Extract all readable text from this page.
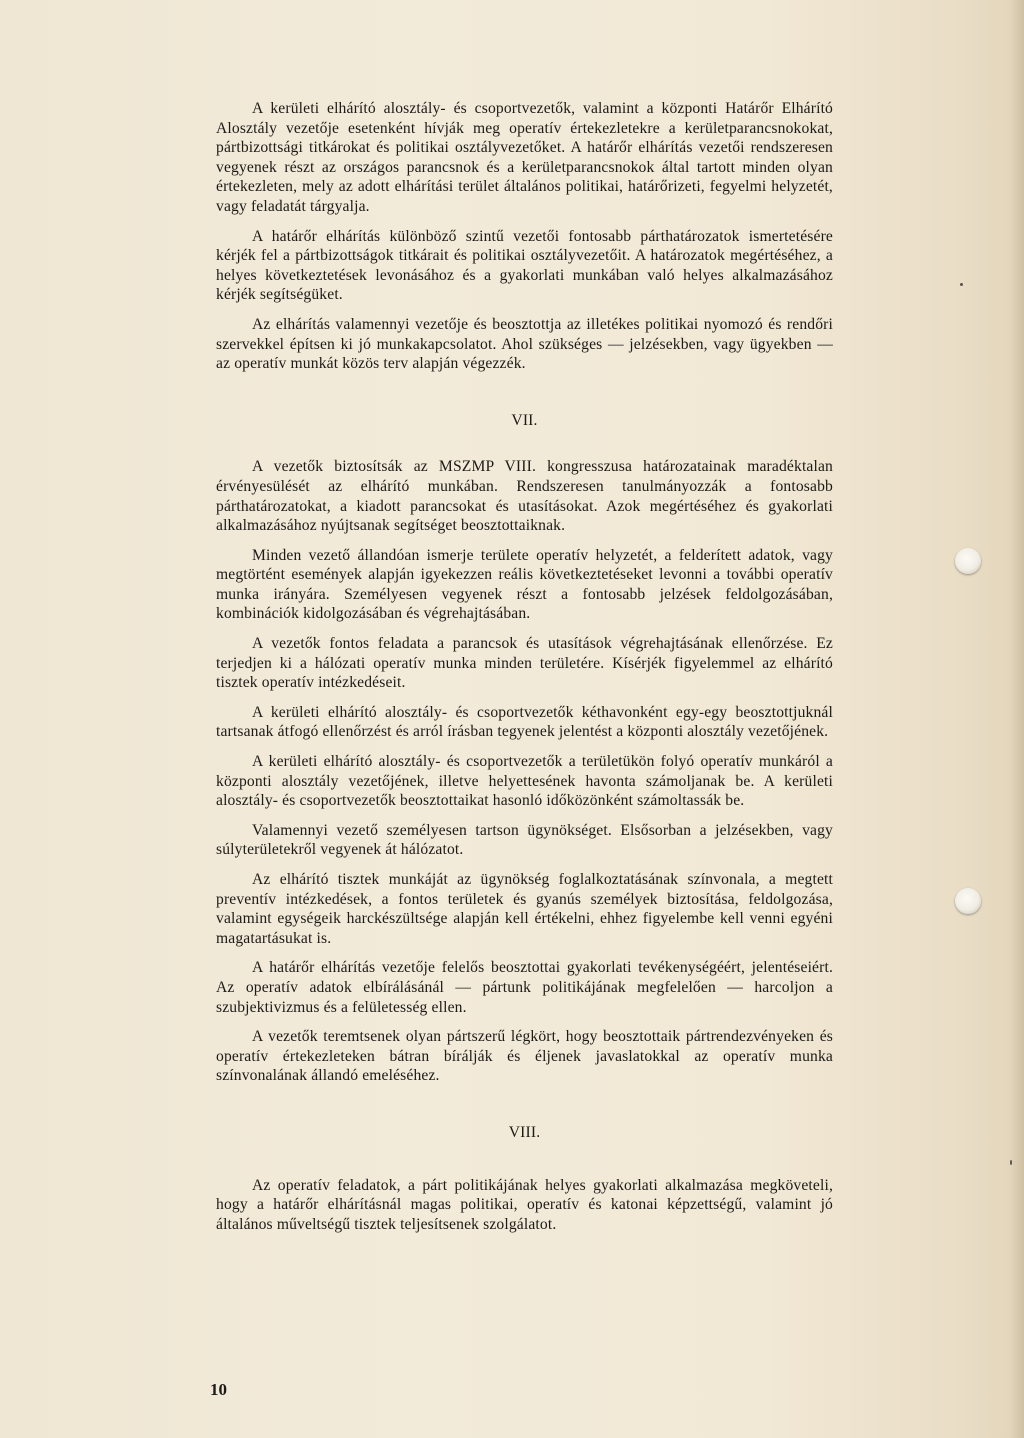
A kerületi elhárító alosztály- és csoportvezetők, valamint a központi Határőr Elhárító Alosztály vezetője esetenként hívják meg operatív értekezletekre a kerületparancsnokokat, pártbizottsági titkárokat és politikai osztályvezetőket. A határőr elhárítás vezetői rendszeresen vegyenek részt az országos parancsnok és a kerületparancsnokok által tartott minden olyan értekezleten, mely az adott elhárítási terület általános politikai, határőrizeti, fegyelmi helyzetét, vagy feladatát tárgyalja.

A határőr elhárítás különböző szintű vezetői fontosabb párthatározatok ismertetésére kérjék fel a pártbizottságok titkárait és politikai osztályvezetőit. A határozatok megértéséhez, a helyes következtetések levonásához és a gyakorlati munkában való helyes alkalmazásához kérjék segítségüket.

Az elhárítás valamennyi vezetője és beosztottja az illetékes politikai nyomozó és rendőri szervekkel építsen ki jó munkakapcsolatot. Ahol szükséges — jelzésekben, vagy ügyekben — az operatív munkát közös terv alapján végezzék.

VII.

A vezetők biztosítsák az MSZMP VIII. kongresszusa határozatainak maradéktalan érvényesülését az elhárító munkában. Rendszeresen tanulmányozzák a fontosabb párthatározatokat, a kiadott parancsokat és utasításokat. Azok megértéséhez és gyakorlati alkalmazásához nyújtsanak segítséget beosztottaiknak.

Minden vezető állandóan ismerje területe operatív helyzetét, a felderített adatok, vagy megtörtént események alapján igyekezzen reális következtetéseket levonni a további operatív munka irányára. Személyesen vegyenek részt a fontosabb jelzések feldolgozásában, kombinációk kidolgozásában és végrehajtásában.

A vezetők fontos feladata a parancsok és utasítások végrehajtásának ellenőrzése. Ez terjedjen ki a hálózati operatív munka minden területére. Kísérjék figyelemmel az elhárító tisztek operatív intézkedéseit.

A kerületi elhárító alosztály- és csoportvezetők kéthavonként egy-egy beosztottjuknál tartsanak átfogó ellenőrzést és arról írásban tegyenek jelentést a központi alosztály vezetőjének.

A kerületi elhárító alosztály- és csoportvezetők a területükön folyó operatív munkáról a központi alosztály vezetőjének, illetve helyettesének havonta számoljanak be. A kerületi alosztály- és csoportvezetők beosztottaikat hasonló időközönként számoltassák be.

Valamennyi vezető személyesen tartson ügynökséget. Elsősorban a jelzésekben, vagy súlyterületekről vegyenek át hálózatot.

Az elhárító tisztek munkáját az ügynökség foglalkoztatásának színvonala, a megtett preventív intézkedések, a fontos területek és gyanús személyek biztosítása, feldolgozása, valamint egységeik harckészültsége alapján kell értékelni, ehhez figyelembe kell venni egyéni magatartásukat is.

A határőr elhárítás vezetője felelős beosztottai gyakorlati tevékenységéért, jelentéseiért. Az operatív adatok elbírálásánál — pártunk politikájának megfelelően — harcoljon a szubjektivizmus és a felületesség ellen.

A vezetők teremtsenek olyan pártszerű légkört, hogy beosztottaik pártrendezvényeken és operatív értekezleteken bátran bírálják és éljenek javaslatokkal az operatív munka színvonalának állandó emeléséhez.

VIII.

Az operatív feladatok, a párt politikájának helyes gyakorlati alkalmazása megköveteli, hogy a határőr elhárításnál magas politikai, operatív és katonai képzettségű, valamint jó általános műveltségű tisztek teljesítsenek szolgálatot.

10
